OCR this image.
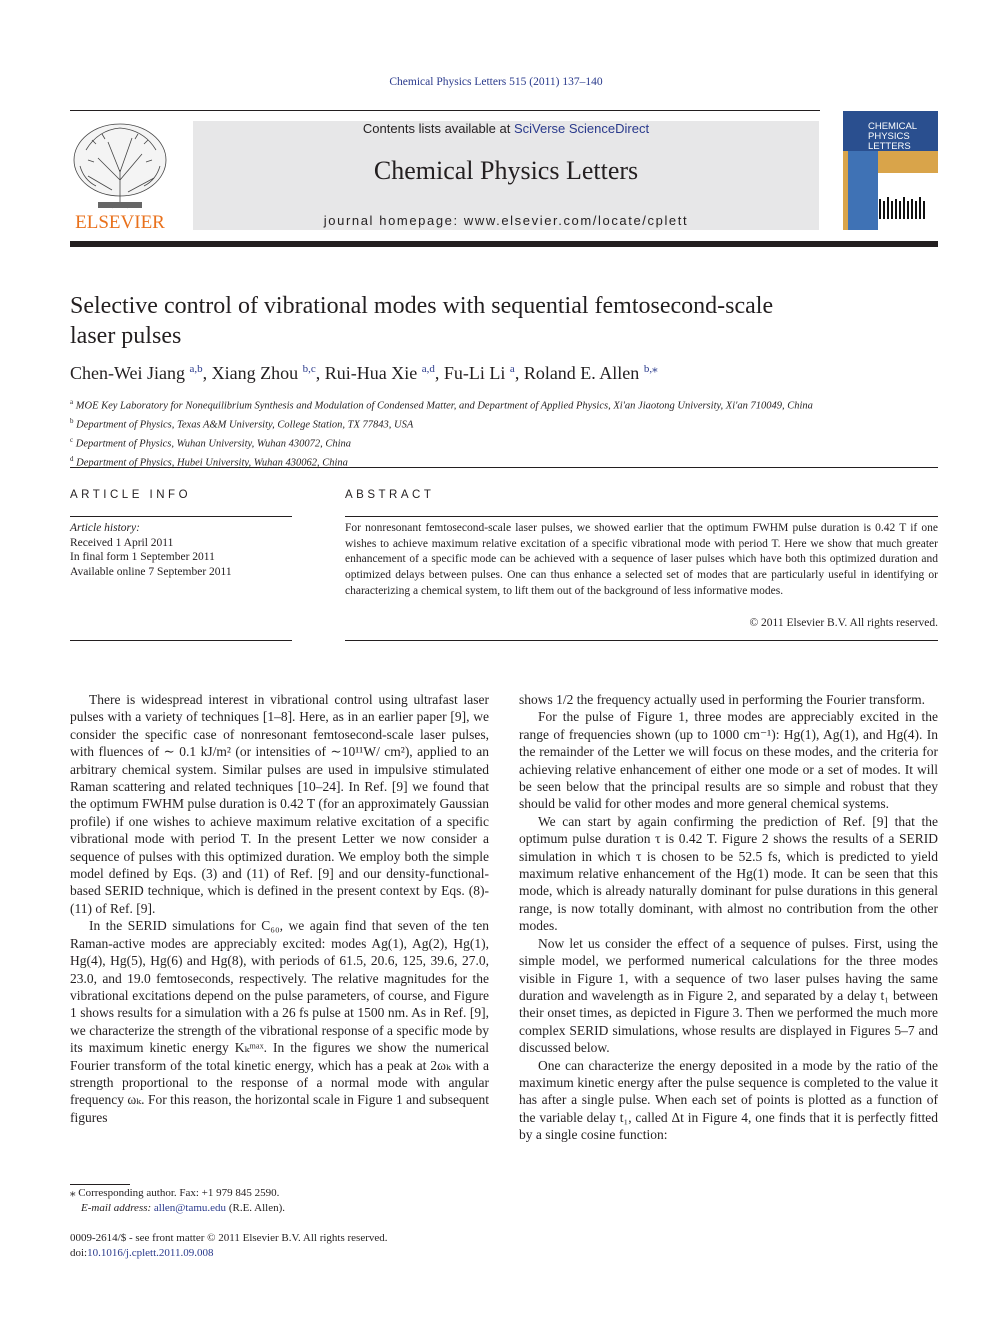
Chemical Physics Letters 515 (2011) 137–140
ELSEVIER
Contents lists available at SciVerse ScienceDirect
Chemical Physics Letters
journal homepage: www.elsevier.com/locate/cplett
CHEMICAL
PHYSICS
LETTERS
Selective control of vibrational modes with sequential femtosecond-scale
laser pulses
Chen-Wei Jiang $^{a,b}$, Xiang Zhou $^{b,c}$, Rui-Hua Xie $^{a,d}$, Fu-Li Li $^a$, Roland E. Allen $^{b,⁎}$
$^a$ MOE Key Laboratory for Nonequilibrium Synthesis and Modulation of Condensed Matter, and Department of Applied Physics, Xi'an Jiaotong University, Xi'an 710049, China
$^b$ Department of Physics, Texas A&M University, College Station, TX 77843, USA
$^c$ Department of Physics, Wuhan University, Wuhan 430072, China
$^d$ Department of Physics, Hubei University, Wuhan 430062, China
ARTICLE INFO	ABSTRACT
Article history:
Received 1 April 2011
In final form 1 September 2011
Available online 7 September 2011
For nonresonant femtosecond-scale laser pulses, we showed earlier that the optimum FWHM pulse duration is 0.42 T if one wishes to achieve maximum relative excitation of a specific vibrational mode with period T. Here we show that much greater enhancement of a specific mode can be achieved with a sequence of laser pulses which have both this optimized duration and optimized delays between pulses. One can thus enhance a selected set of modes that are particularly useful in identifying or characterizing a chemical system, to lift them out of the background of less informative modes.
© 2011 Elsevier B.V. All rights reserved.

There is widespread interest in vibrational control using ultrafast laser pulses with a variety of techniques [1–8]. Here, as in an earlier paper [9], we consider the specific case of nonresonant femtosecond-scale laser pulses, with fluences of ∼ 0.1 kJ/m² (or intensities of ∼10¹¹W/ cm²), applied to an arbitrary chemical system. Similar pulses are used in impulsive stimulated Raman scattering and related techniques [10–24]. In Ref. [9] we found that the optimum FWHM pulse duration is 0.42 T (for an approximately Gaussian profile) if one wishes to achieve maximum relative excitation of a specific vibrational mode with period T. In the present Letter we now consider a sequence of pulses with this optimized duration. We employ both the simple model defined by Eqs. (3) and (11) of Ref. [9] and our density-functional-based SERID technique, which is defined in the present context by Eqs. (8)-(11) of Ref. [9].

In the SERID simulations for C₆₀, we again find that seven of the ten Raman-active modes are appreciably excited: modes Ag(1), Ag(2), Hg(1), Hg(4), Hg(5), Hg(6) and Hg(8), with periods of 61.5, 20.6, 125, 39.6, 27.0, 23.0, and 19.0 femtoseconds, respectively. The relative magnitudes for the vibrational excitations depend on the pulse parameters, of course, and Figure 1 shows results for a simulation with a 26 fs pulse at 1500 nm. As in Ref. [9], we characterize the strength of the vibrational response of a specific mode by its maximum kinetic energy Kₖᵐᵃˣ. In the figures we show the numerical Fourier transform of the total kinetic energy, which has a peak at 2ωₖ with a strength proportional to the response of a normal mode with angular frequency ωₖ. For this reason, the horizontal scale in Figure 1 and subsequent figures

shows 1/2 the frequency actually used in performing the Fourier transform.

For the pulse of Figure 1, three modes are appreciably excited in the range of frequencies shown (up to 1000 cm⁻¹): Hg(1), Ag(1), and Hg(4). In the remainder of the Letter we will focus on these modes, and the criteria for achieving relative enhancement of either one mode or a set of modes. It will be seen below that the principal results are so simple and robust that they should be valid for other modes and more general chemical systems.

We can start by again confirming the prediction of Ref. [9] that the optimum pulse duration τ is 0.42 T. Figure 2 shows the results of a SERID simulation in which τ is chosen to be 52.5 fs, which is predicted to yield maximum relative enhancement of the Hg(1) mode. It can be seen that this mode, which is already naturally dominant for pulse durations in this general range, is now totally dominant, with almost no contribution from the other modes.

Now let us consider the effect of a sequence of pulses. First, using the simple model, we performed numerical calculations for the three modes visible in Figure 1, with a sequence of two laser pulses having the same duration and wavelength as in Figure 2, and separated by a delay t₁ between their onset times, as depicted in Figure 3. Then we performed the much more complex SERID simulations, whose results are displayed in Figures 5–7 and discussed below.

One can characterize the energy deposited in a mode by the ratio of the maximum kinetic energy after the pulse sequence is completed to the value it has after a single pulse. When each set of points is plotted as a function of the variable delay t₁, called Δt in Figure 4, one finds that it is perfectly fitted by a single cosine function:

⁎ Corresponding author. Fax: +1 979 845 2590.
E-mail address: allen@tamu.edu (R.E. Allen).
0009-2614/$ - see front matter © 2011 Elsevier B.V. All rights reserved.
doi:10.1016/j.cplett.2011.09.008
